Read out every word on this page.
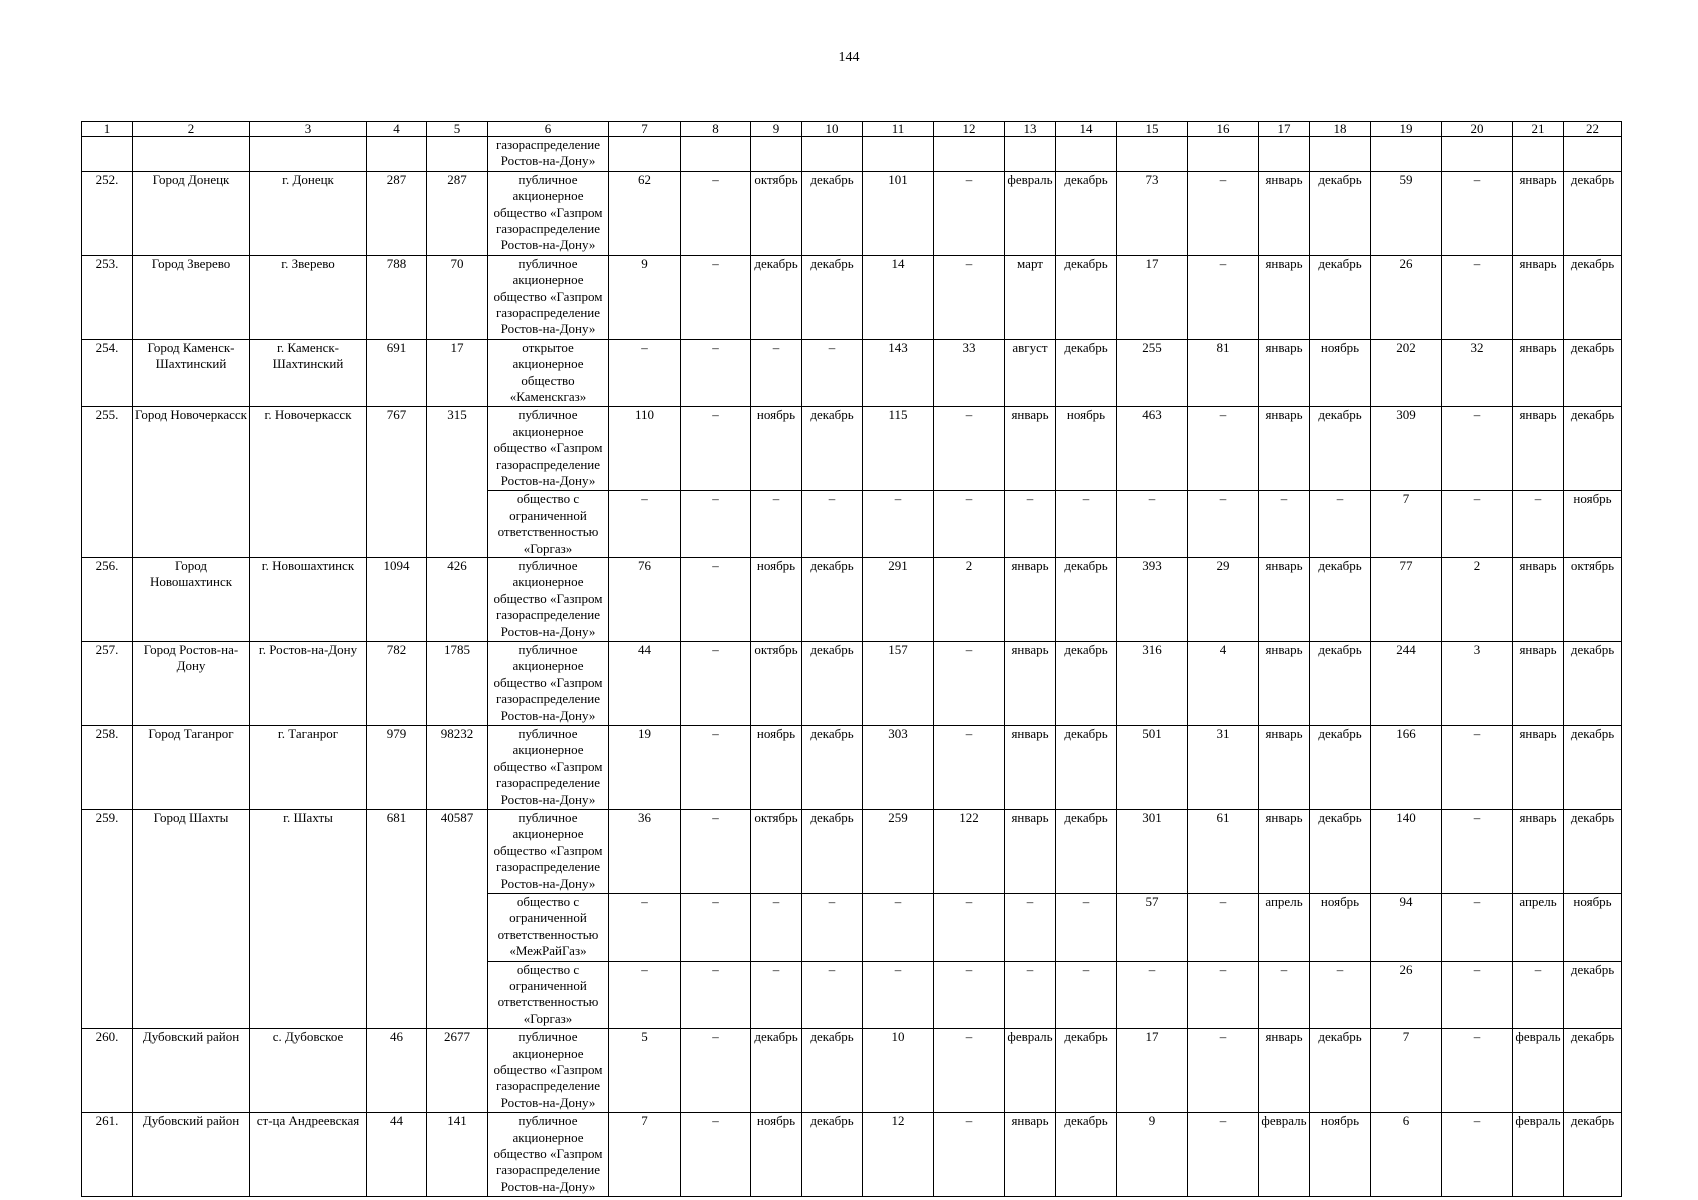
144
1	2	3	4	5	6	7	8	9	10	11	12	13	14	15	16	17	18	19	20	21	22
					газораспределение Ростов-на-Дону»																
252.	Город Донецк	г. Донецк	287	287	публичное акционерное общество «Газпром газораспределение Ростов-на-Дону»	62	–	октябрь	декабрь	101	–	февраль	декабрь	73	–	январь	декабрь	59	–	январь	декабрь
253.	Город Зверево	г. Зверево	788	70	публичное акционерное общество «Газпром газораспределение Ростов-на-Дону»	9	–	декабрь	декабрь	14	–	март	декабрь	17	–	январь	декабрь	26	–	январь	декабрь
254.	Город Каменск-Шахтинский	г. Каменск-Шахтинский	691	17	открытое акционерное общество «Каменскгаз»	–	–	–	–	143	33	август	декабрь	255	81	январь	ноябрь	202	32	январь	декабрь
255.	Город Новочеркасск	г. Новочеркасск	767	315	публичное акционерное общество «Газпром газораспределение Ростов-на-Дону»	110	–	ноябрь	декабрь	115	–	январь	ноябрь	463	–	январь	декабрь	309	–	январь	декабрь
					общество с ограниченной ответственностью «Горгаз»	–	–	–	–	–	–	–	–	–	–	–	–	7	–	–	ноябрь
256.	Город Новошахтинск	г. Новошахтинск	1094	426	публичное акционерное общество «Газпром газораспределение Ростов-на-Дону»	76	–	ноябрь	декабрь	291	2	январь	декабрь	393	29	январь	декабрь	77	2	январь	октябрь
257.	Город Ростов-на-Дону	г. Ростов-на-Дону	782	1785	публичное акционерное общество «Газпром газораспределение Ростов-на-Дону»	44	–	октябрь	декабрь	157	–	январь	декабрь	316	4	январь	декабрь	244	3	январь	декабрь
258.	Город Таганрог	г. Таганрог	979	98232	публичное акционерное общество «Газпром газораспределение Ростов-на-Дону»	19	–	ноябрь	декабрь	303	–	январь	декабрь	501	31	январь	декабрь	166	–	январь	декабрь
259.	Город Шахты	г. Шахты	681	40587	публичное акционерное общество «Газпром газораспределение Ростов-на-Дону»	36	–	октябрь	декабрь	259	122	январь	декабрь	301	61	январь	декабрь	140	–	январь	декабрь
					общество с ограниченной ответственностью «МежРайГаз»	–	–	–	–	–	–	–	–	57	–	апрель	ноябрь	94	–	апрель	ноябрь
					общество с ограниченной ответственностью «Горгаз»	–	–	–	–	–	–	–	–	–	–	–	–	26	–	–	декабрь
260.	Дубовский район	с. Дубовское	46	2677	публичное акционерное общество «Газпром газораспределение Ростов-на-Дону»	5	–	декабрь	декабрь	10	–	февраль	декабрь	17	–	январь	декабрь	7	–	февраль	декабрь
261.	Дубовский район	ст-ца Андреевская	44	141	публичное акционерное общество «Газпром газораспределение Ростов-на-Дону»	7	–	ноябрь	декабрь	12	–	январь	декабрь	9	–	февраль	ноябрь	6	–	февраль	декабрь
